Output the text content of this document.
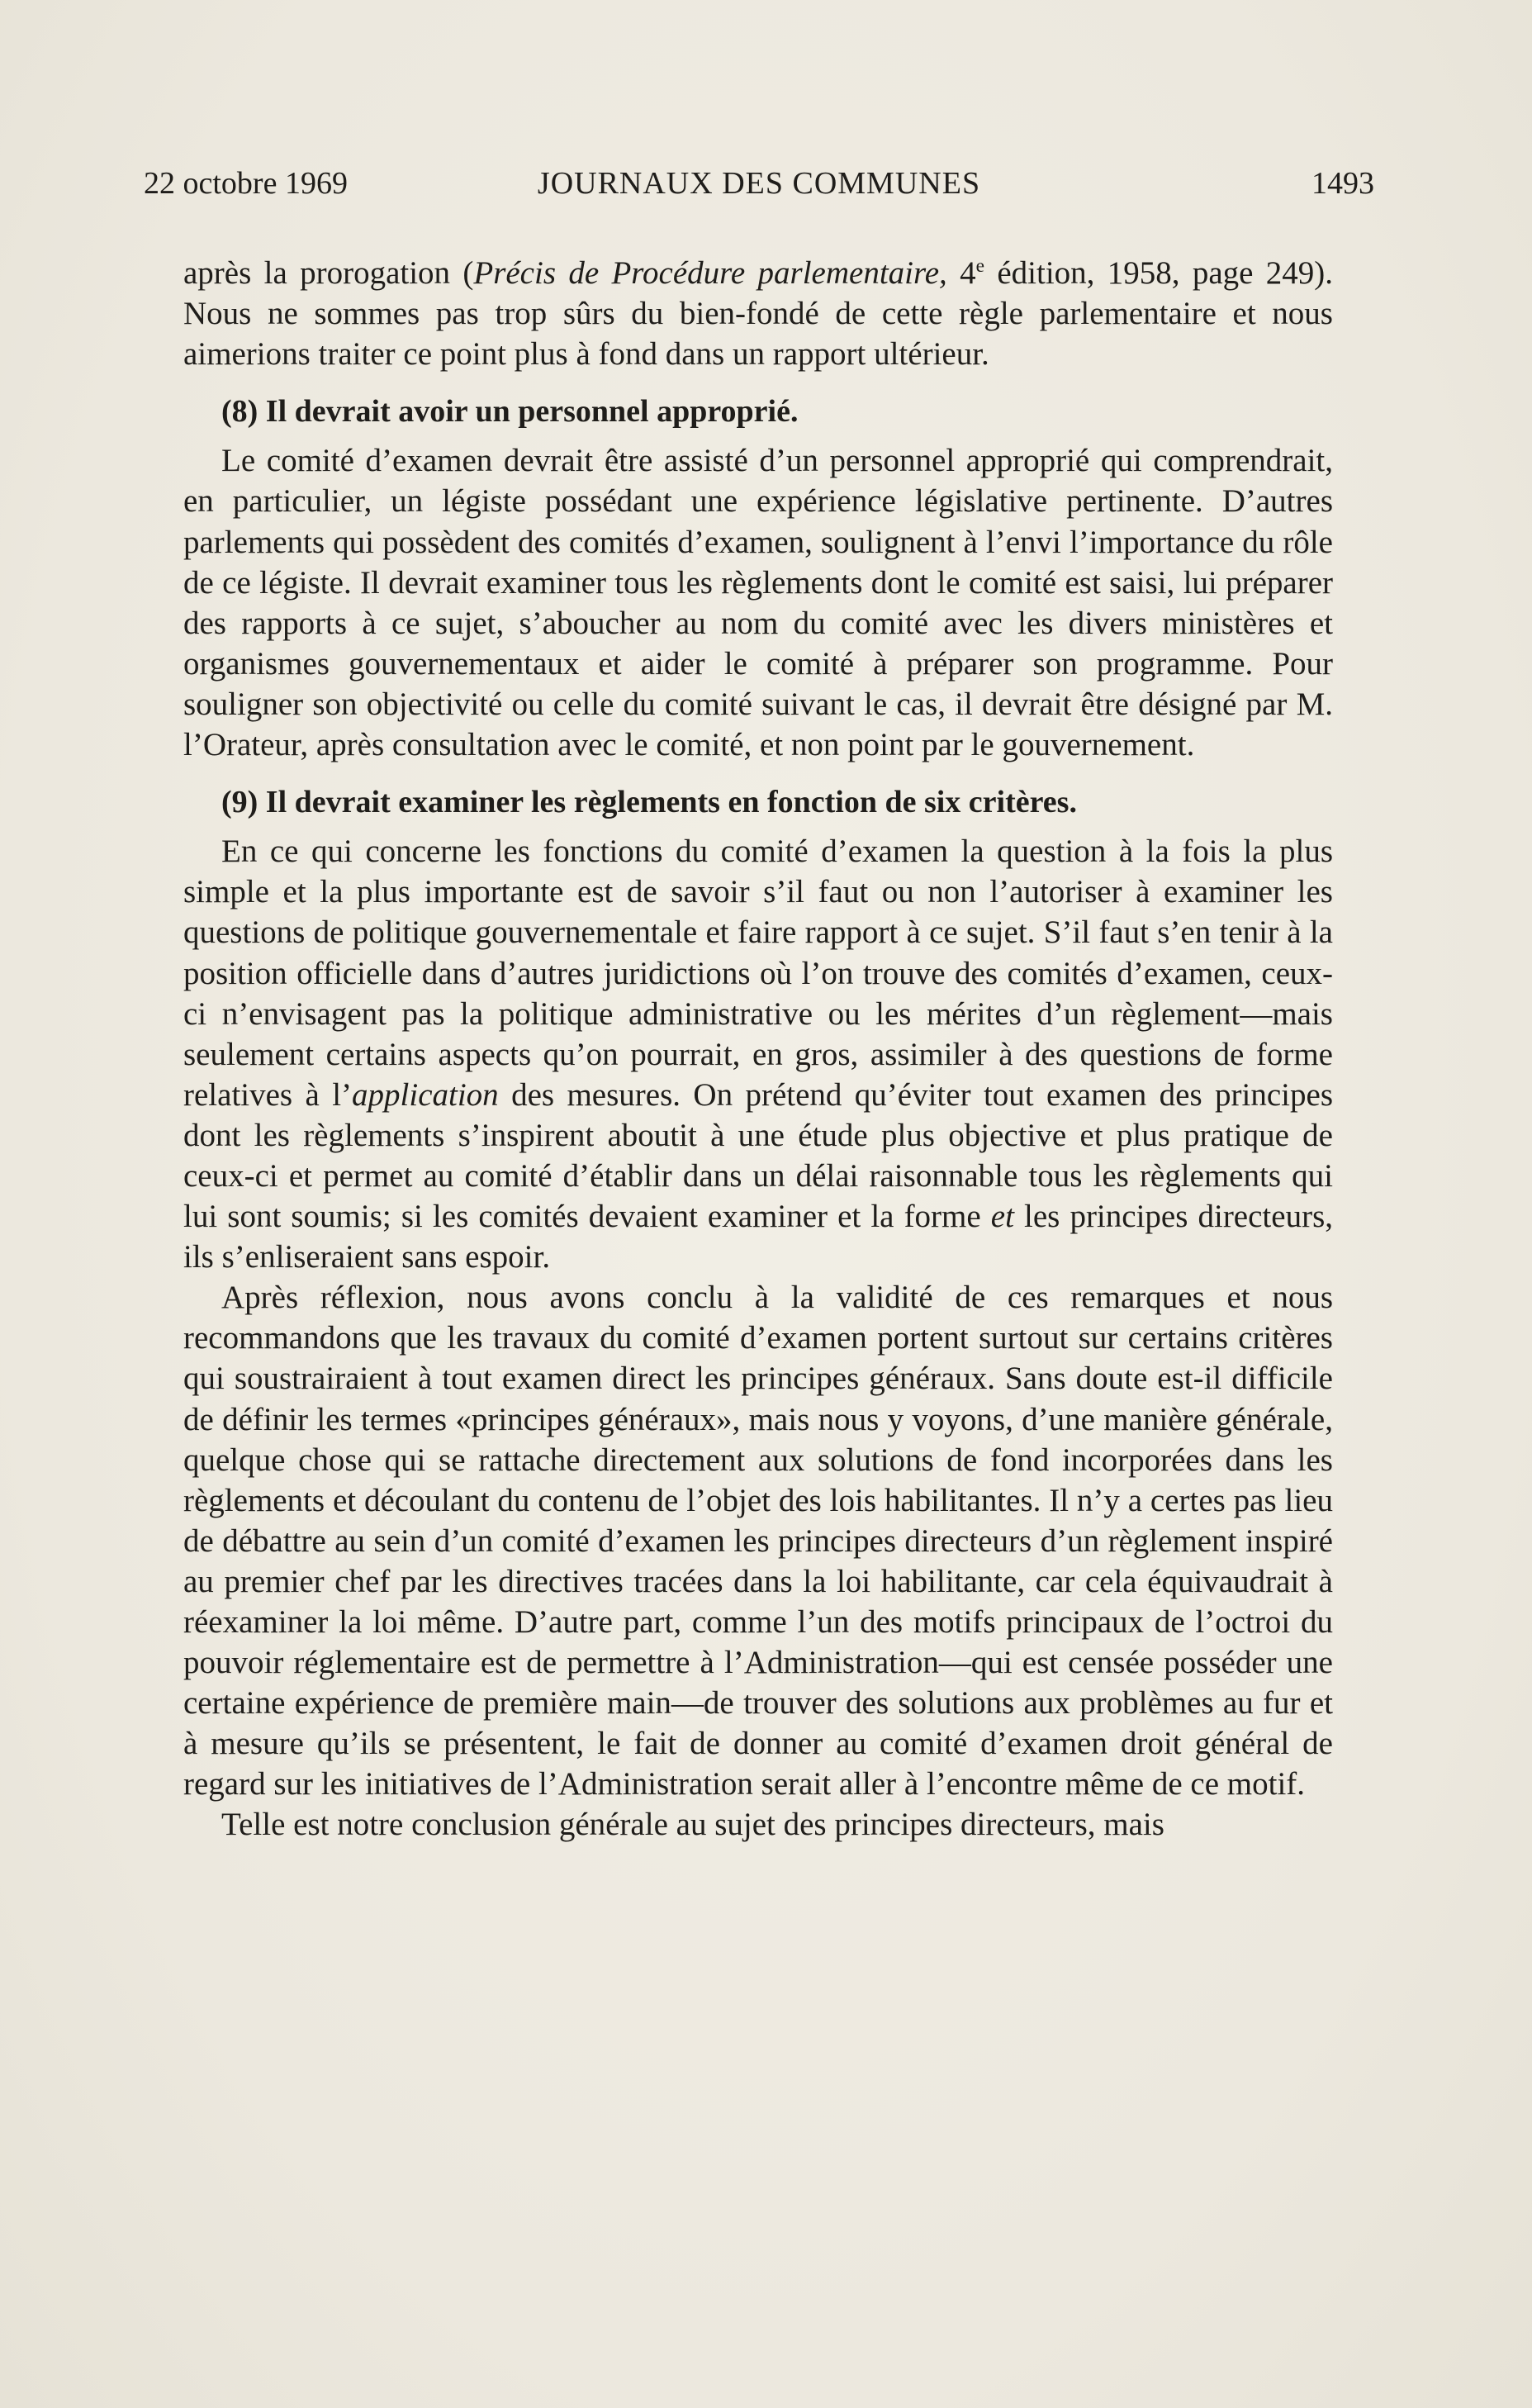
22 octobre 1969	JOURNAUX DES COMMUNES	1493

après la prorogation (Précis de Procédure parlementaire, 4e édition, 1958, page 249). Nous ne sommes pas trop sûrs du bien-fondé de cette règle parlementaire et nous aimerions traiter ce point plus à fond dans un rapport ultérieur.

(8) Il devrait avoir un personnel approprié.

Le comité d’examen devrait être assisté d’un personnel approprié qui comprendrait, en particulier, un légiste possédant une expérience législative pertinente. D’autres parlements qui possèdent des comités d’examen, soulignent à l’envi l’importance du rôle de ce légiste. Il devrait examiner tous les règlements dont le comité est saisi, lui préparer des rapports à ce sujet, s’aboucher au nom du comité avec les divers ministères et organismes gouvernementaux et aider le comité à préparer son programme. Pour souligner son objectivité ou celle du comité suivant le cas, il devrait être désigné par M. l’Orateur, après consultation avec le comité, et non point par le gouvernement.

(9) Il devrait examiner les règlements en fonction de six critères.

En ce qui concerne les fonctions du comité d’examen la question à la fois la plus simple et la plus importante est de savoir s’il faut ou non l’autoriser à examiner les questions de politique gouvernementale et faire rapport à ce sujet. S’il faut s’en tenir à la position officielle dans d’autres juridictions où l’on trouve des comités d’examen, ceux-ci n’envisagent pas la politique administrative ou les mérites d’un règlement—mais seulement certains aspects qu’on pourrait, en gros, assimiler à des questions de forme relatives à l’application des mesures. On prétend qu’éviter tout examen des principes dont les règlements s’inspirent aboutit à une étude plus objective et plus pratique de ceux-ci et permet au comité d’établir dans un délai raisonnable tous les règlements qui lui sont soumis; si les comités devaient examiner et la forme et les principes directeurs, ils s’enliseraient sans espoir.

Après réflexion, nous avons conclu à la validité de ces remarques et nous recommandons que les travaux du comité d’examen portent surtout sur certains critères qui soustrairaient à tout examen direct les principes généraux. Sans doute est-il difficile de définir les termes «principes généraux», mais nous y voyons, d’une manière générale, quelque chose qui se rattache directement aux solutions de fond incorporées dans les règlements et découlant du contenu de l’objet des lois habilitantes. Il n’y a certes pas lieu de débattre au sein d’un comité d’examen les principes directeurs d’un règlement inspiré au premier chef par les directives tracées dans la loi habilitante, car cela équivaudrait à réexaminer la loi même. D’autre part, comme l’un des motifs principaux de l’octroi du pouvoir réglementaire est de permettre à l’Administration—qui est censée posséder une certaine expérience de première main—de trouver des solutions aux problèmes au fur et à mesure qu’ils se présentent, le fait de donner au comité d’examen droit général de regard sur les initiatives de l’Administration serait aller à l’encontre même de ce motif.

Telle est notre conclusion générale au sujet des principes directeurs, mais
